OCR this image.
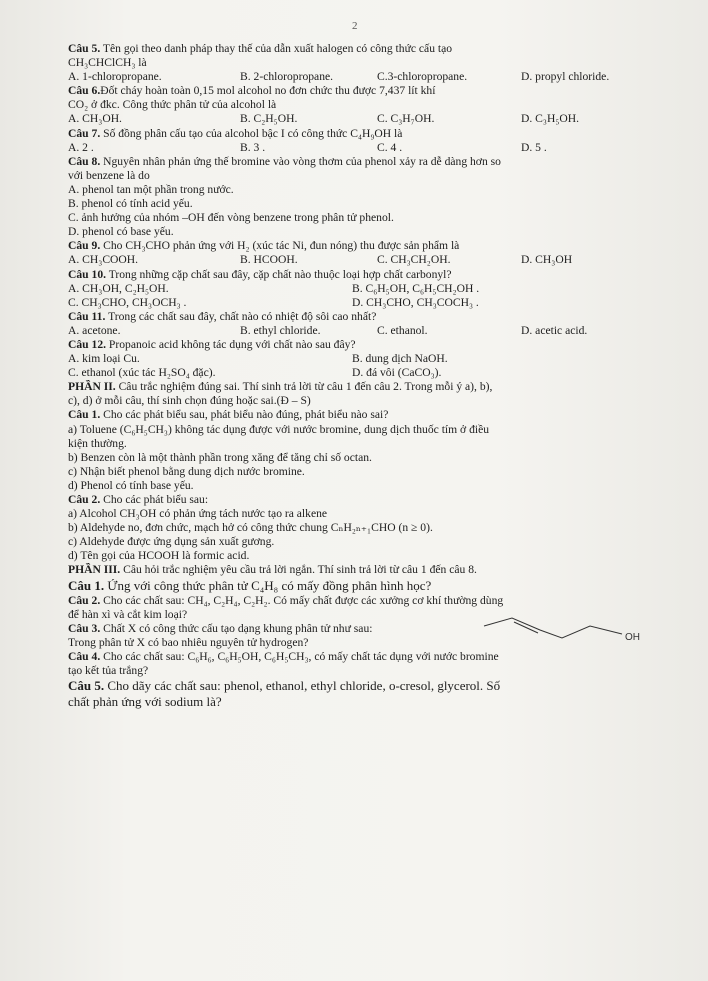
2
Câu 5. Tên gọi theo danh pháp thay thế của dẫn xuất halogen có công thức cấu tạo
CH₃CHClCH₃ là
A. 1-chloropropane.	B. 2-chloropropane.	C.3-chloropropane.	D. propyl chloride.
Câu 6.Đốt cháy hoàn toàn 0,15 mol alcohol no đơn chức thu được 7,437 lít khí
CO₂ ở đkc. Công thức phân tử của alcohol là
A. CH₃OH.	B. C₂H₅OH.	C. C₃H₇OH.	D. C₃H₅OH.
Câu 7. Số đồng phân cấu tạo của alcohol bậc I có công thức C₄H₉OH là
A. 2 .	B. 3 .	C. 4 .	D. 5 .
Câu 8. Nguyên nhân phản ứng thế bromine vào vòng thơm của phenol xảy ra dễ dàng hơn so
với benzene là do
A. phenol tan một phần trong nước.
B. phenol có tính acid yếu.
C. ảnh hưởng của nhóm –OH đến vòng benzene trong phân tử phenol.
D. phenol có base yếu.
Câu 9. Cho CH₃CHO phản ứng với H₂ (xúc tác Ni, đun nóng) thu được sản phẩm là
A. CH₃COOH.	B. HCOOH.	C. CH₃CH₂OH.	D. CH₃OH
Câu 10. Trong những cặp chất sau đây, cặp chất nào thuộc loại hợp chất carbonyl?
A. CH₃OH, C₂H₅OH.	B. C₆H₅OH, C₆H₅CH₂OH .
C. CH₃CHO, CH₃OCH₃ .	D. CH₃CHO, CH₃COCH₃ .
Câu 11. Trong các chất sau đây, chất nào có nhiệt độ sôi cao nhất?
A. acetone.	B. ethyl chloride.	C. ethanol.	D. acetic acid.
Câu 12. Propanoic acid không tác dụng với chất nào sau đây?
A. kim loại Cu.	B. dung dịch NaOH.
C. ethanol (xúc tác H₂SO₄ đặc).	D. đá vôi (CaCO₃).
PHẦN II. Câu trắc nghiệm đúng sai. Thí sinh trả lời từ câu 1 đến câu 2. Trong mỗi ý a), b),
c), d) ở mỗi câu, thí sinh chọn đúng hoặc sai.(Đ – S)
Câu 1. Cho các phát biểu sau, phát biểu nào đúng, phát biểu nào sai?
a) Toluene (C₆H₅CH₃) không tác dụng được với nước bromine, dung dịch thuốc tím ở điều
kiện thường.
b) Benzen còn là một thành phần trong xăng để tăng chỉ số octan.
c) Nhận biết phenol bằng dung dịch nước bromine.
d) Phenol có tính base yếu.
Câu 2. Cho các phát biểu sau:
a) Alcohol CH₃OH có phản ứng tách nước tạo ra alkene
b) Aldehyde no, đơn chức, mạch hở có công thức chung CₙH₂ₙ₊₁CHO (n ≥ 0).
c) Aldehyde được ứng dụng sản xuất gương.
d) Tên gọi của HCOOH là formic acid.
PHẦN III. Câu hỏi trắc nghiệm yêu cầu trả lời ngắn. Thí sinh trả lời từ câu 1 đến câu 8.
Câu 1. Ứng với công thức phân tử C₄H₈ có mấy đồng phân hình học?
Câu 2. Cho các chất sau: CH₄, C₂H₄, C₂H₂. Có mấy chất được các xưởng cơ khí thường dùng
để hàn xì và cắt kim loại?
Câu 3. Chất X có công thức cấu tạo dạng khung phân tử như sau:
OH
Trong phân tử X có bao nhiêu nguyên tử hydrogen?
Câu 4. Cho các chất sau: C₆H₆, C₆H₅OH, C₆H₅CH₃, có mấy chất tác dụng với nước bromine
tạo kết tủa trắng?
Câu 5. Cho dãy các chất sau: phenol, ethanol, ethyl chloride, o-cresol, glycerol. Số
chất phản ứng với sodium là?
